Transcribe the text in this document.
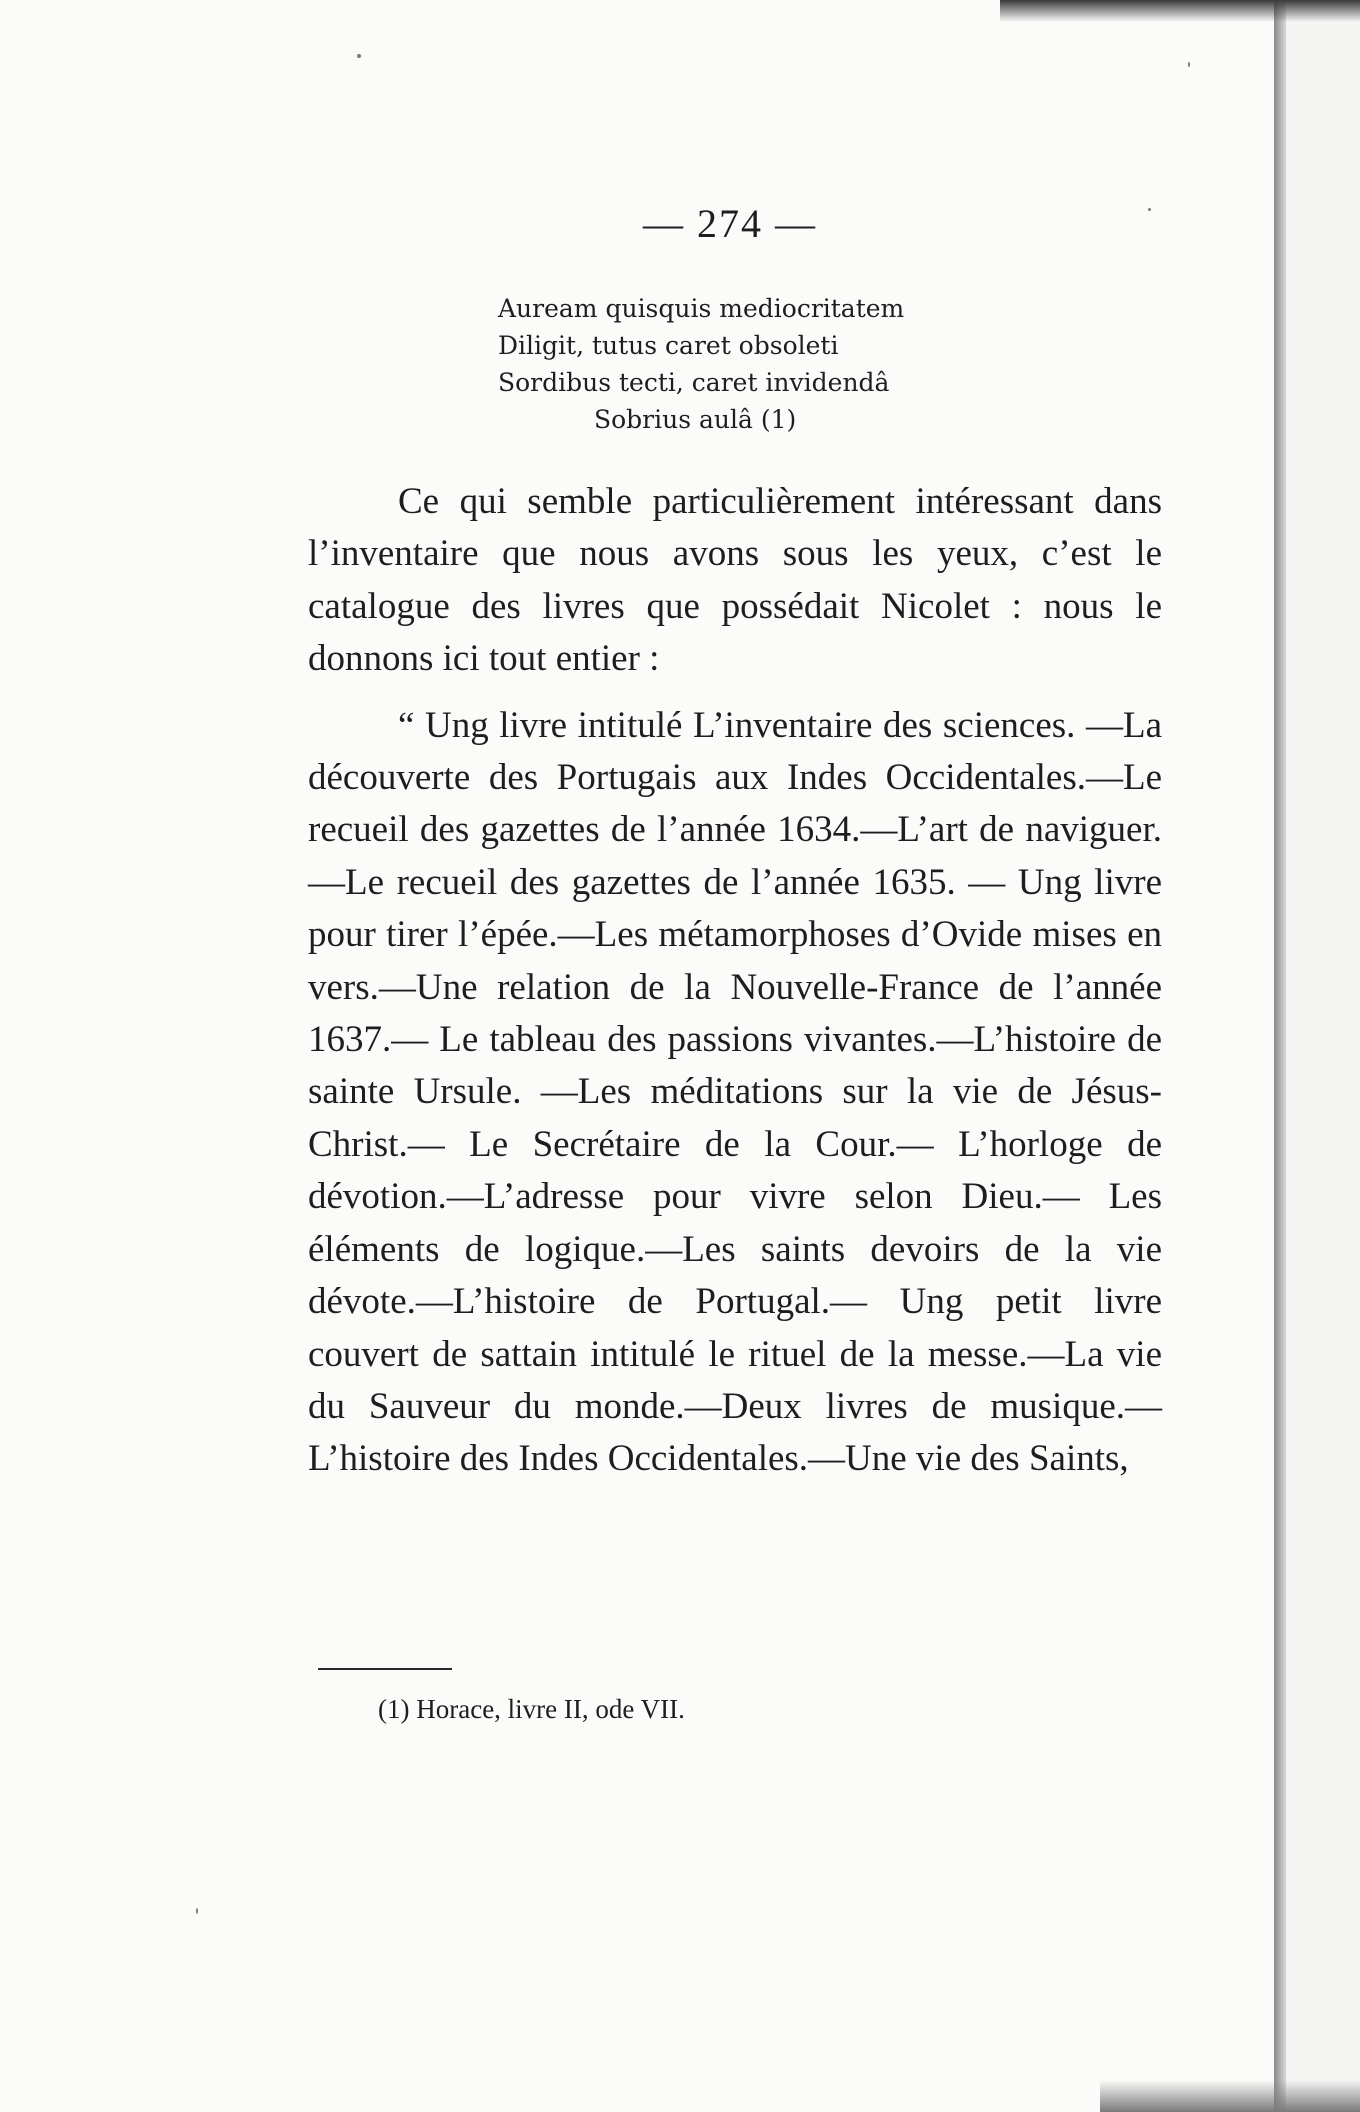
— 274 —
Auream quisquis mediocritatem
Diligit, tutus caret obsoleti
Sordibus tecti, caret invidendâ
Sobrius aulâ (1)

Ce qui semble particulièrement intéressant dans l’inventaire que nous avons sous les yeux, c’est le catalogue des livres que possédait Nicolet : nous le donnons ici tout entier :

“ Ung livre intitulé L’inventaire des sciences. —La découverte des Portugais aux Indes Occidentales.—Le recueil des gazettes de l’année 1634.—L’art de naviguer.—Le recueil des gazettes de l’année 1635. — Ung livre pour tirer l’épée.—Les métamorphoses d’Ovide mises en vers.—Une relation de la Nouvelle-France de l’année 1637.— Le tableau des passions vivantes.—L’histoire de sainte Ursule. —Les méditations sur la vie de Jésus-Christ.— Le Secrétaire de la Cour.— L’horloge de dévotion.—L’adresse pour vivre selon Dieu.— Les éléments de logique.—Les saints devoirs de la vie dévote.—L’histoire de Portugal.— Ung petit livre couvert de sattain intitulé le rituel de la messe.—La vie du Sauveur du monde.—Deux livres de musique.—L’histoire des Indes Occidentales.—Une vie des Saints,

(1) Horace, livre II, ode VII.
